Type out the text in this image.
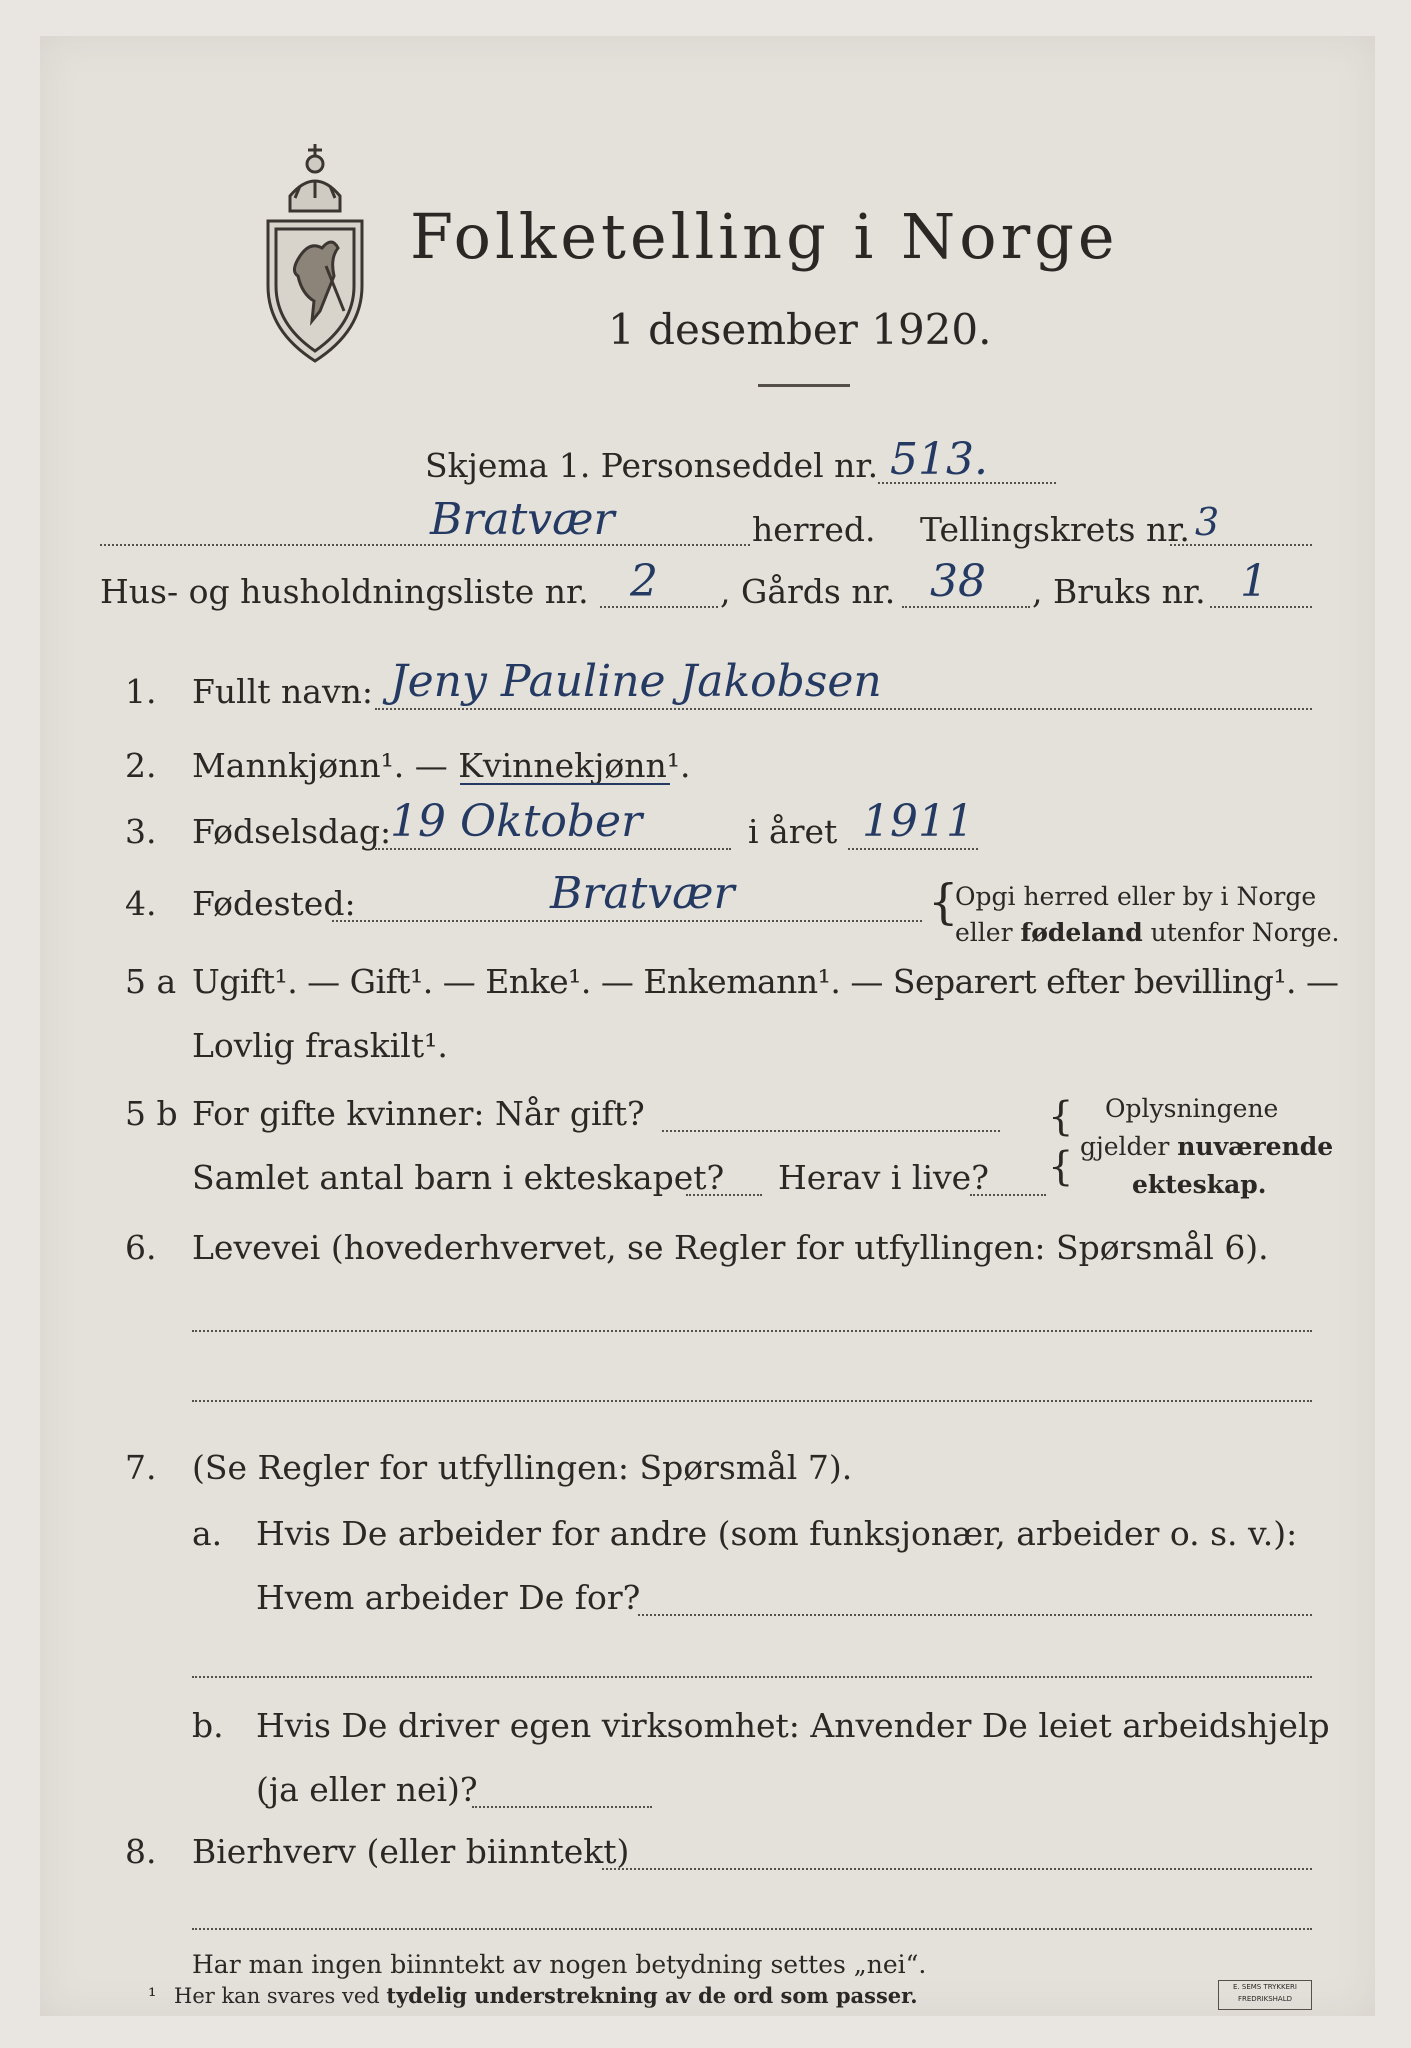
Folketelling i Norge
1 desember 1920.
Skjema 1. Personseddel nr. 513.
Bratvær	herred. Tellingskrets nr. 3
Hus- og husholdningsliste nr. 2 , Gårds nr. 38 , Bruks nr. 1
1. Fullt navn: Jeny Pauline Jakobsen
2. Mannkjønn¹. — Kvinnekjønn¹.
3. Fødselsdag:
19 Oktober	i året 1911
4. Fødested:	Bratvær	{
Opgi herred eller by i Norge
eller fødeland utenfor Norge.
5 a Ugift¹. — Gift¹. — Enke¹. — Enkemann¹. — Separert efter bevilling¹. —
Lovlig fraskilt¹.
5 b For gifte kvinner: Når gift?
Samlet antal barn i ekteskapet? Herav i live?
{
{
Oplysningene
gjelder nuværende
ekteskap.
6. Levevei (hovederhvervet, se Regler for utfyllingen: Spørsmål 6).
7. (Se Regler for utfyllingen: Spørsmål 7).
a. Hvis De arbeider for andre (som funksjonær, arbeider o. s. v.):
Hvem arbeider De for?
b. Hvis De driver egen virksomhet: Anvender De leiet arbeidshjelp
(ja eller nei)?
8. Bierhverv (eller biinntekt)
Har man ingen biinntekt av nogen betydning settes „nei“.
¹ Her kan svares ved tydelig understrekning av de ord som passer.	E. SEMS TRYKKERI
FREDRIKSHALD
